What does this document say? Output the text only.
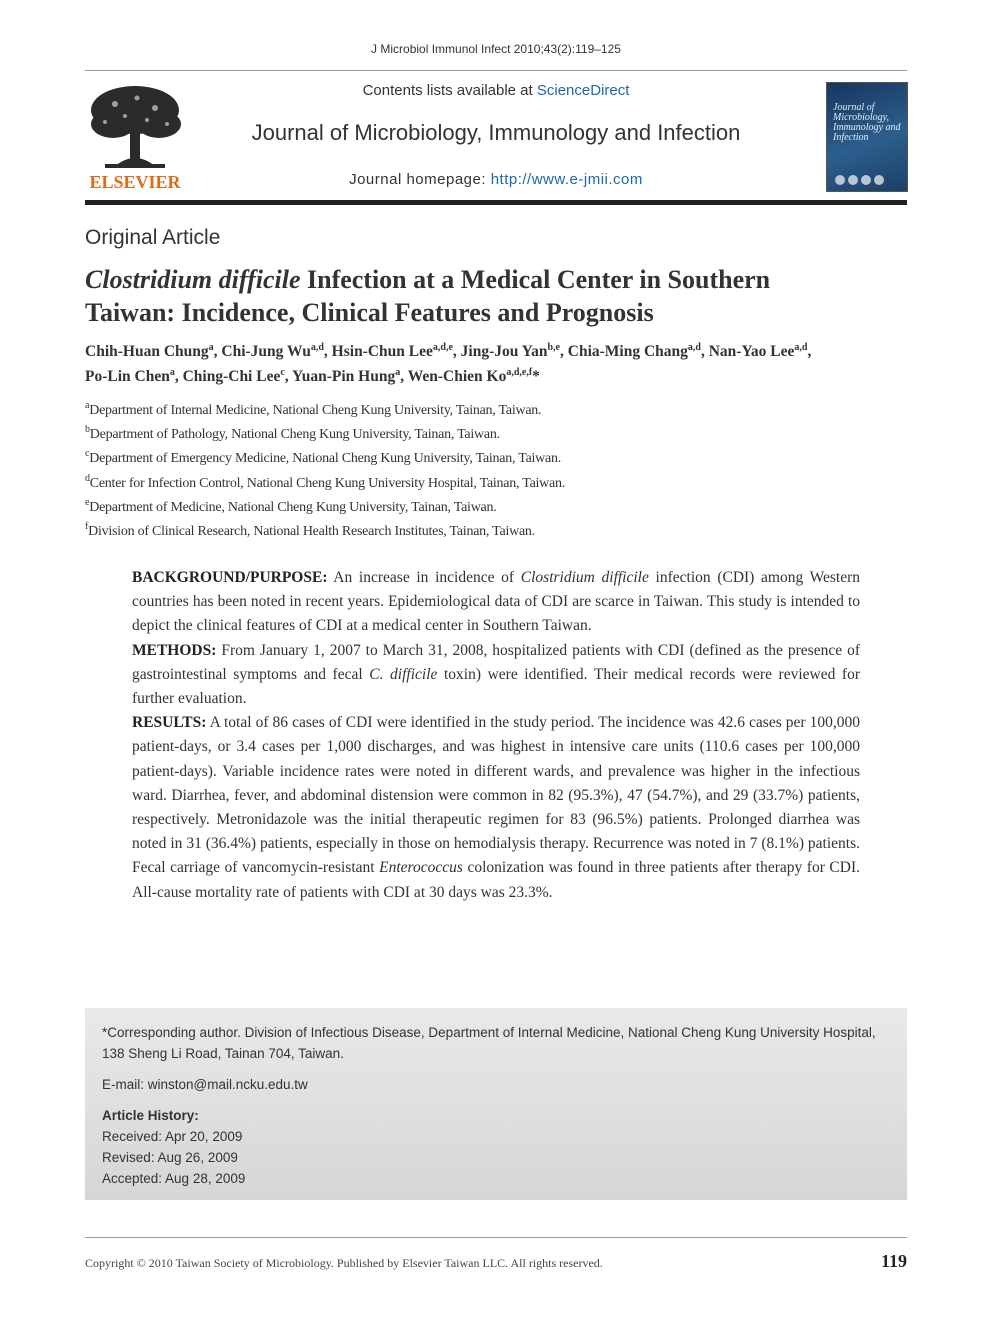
J Microbiol Immunol Infect 2010;43(2):119–125
ELSEVIER
Contents lists available at ScienceDirect
Journal of Microbiology, Immunology and Infection
Journal homepage: http://www.e-jmii.com
Journal of Microbiology, Immunology and Infection
Original Article
Clostridium difficile Infection at a Medical Center in Southern
Taiwan: Incidence, Clinical Features and Prognosis
Chih-Huan Chung$^a$, Chi-Jung Wu$^{a,d}$, Hsin-Chun Lee$^{a,d,e}$, Jing-Jou Yan$^{b,e}$, Chia-Ming Chang$^{a,d}$, Nan-Yao Lee$^{a,d}$,
Po-Lin Chen$^a$, Ching-Chi Lee$^c$, Yuan-Pin Hung$^a$, Wen-Chien Ko$^{a,d,e,f}$*
$^a$Department of Internal Medicine, National Cheng Kung University, Tainan, Taiwan.
$^b$Department of Pathology, National Cheng Kung University, Tainan, Taiwan.
$^c$Department of Emergency Medicine, National Cheng Kung University, Tainan, Taiwan.
$^d$Center for Infection Control, National Cheng Kung University Hospital, Tainan, Taiwan.
$^e$Department of Medicine, National Cheng Kung University, Tainan, Taiwan.
$^f$Division of Clinical Research, National Health Research Institutes, Tainan, Taiwan.

BACKGROUND/PURPOSE: An increase in incidence of Clostridium difficile infection (CDI) among Western countries has been noted in recent years. Epidemiological data of CDI are scarce in Taiwan. This study is intended to depict the clinical features of CDI at a medical center in Southern Taiwan.

METHODS: From January 1, 2007 to March 31, 2008, hospitalized patients with CDI (defined as the presence of gastrointestinal symptoms and fecal C. difficile toxin) were identified. Their medical records were reviewed for further evaluation.

RESULTS: A total of 86 cases of CDI were identified in the study period. The incidence was 42.6 cases per 100,000 patient-days, or 3.4 cases per 1,000 discharges, and was highest in intensive care units (110.6 cases per 100,000 patient-days). Variable incidence rates were noted in different wards, and prevalence was higher in the infectious ward. Diarrhea, fever, and abdominal distension were common in 82 (95.3%), 47 (54.7%), and 29 (33.7%) patients, respectively. Metronidazole was the initial therapeutic regimen for 83 (96.5%) patients. Prolonged diarrhea was noted in 31 (36.4%) patients, especially in those on hemodialysis therapy. Recurrence was noted in 7 (8.1%) patients. Fecal carriage of vancomycin-resistant Enterococcus colonization was found in three patients after therapy for CDI. All-cause mortality rate of patients with CDI at 30 days was 23.3%.

*Corresponding author. Division of Infectious Disease, Department of Internal Medicine, National Cheng Kung University Hospital, 138 Sheng Li Road, Tainan 704, Taiwan.

E-mail: winston@mail.ncku.edu.tw

Article History:

Received: Apr 20, 2009

Revised: Aug 26, 2009

Accepted: Aug 28, 2009

Copyright © 2010 Taiwan Society of Microbiology. Published by Elsevier Taiwan LLC. All rights reserved.	119
